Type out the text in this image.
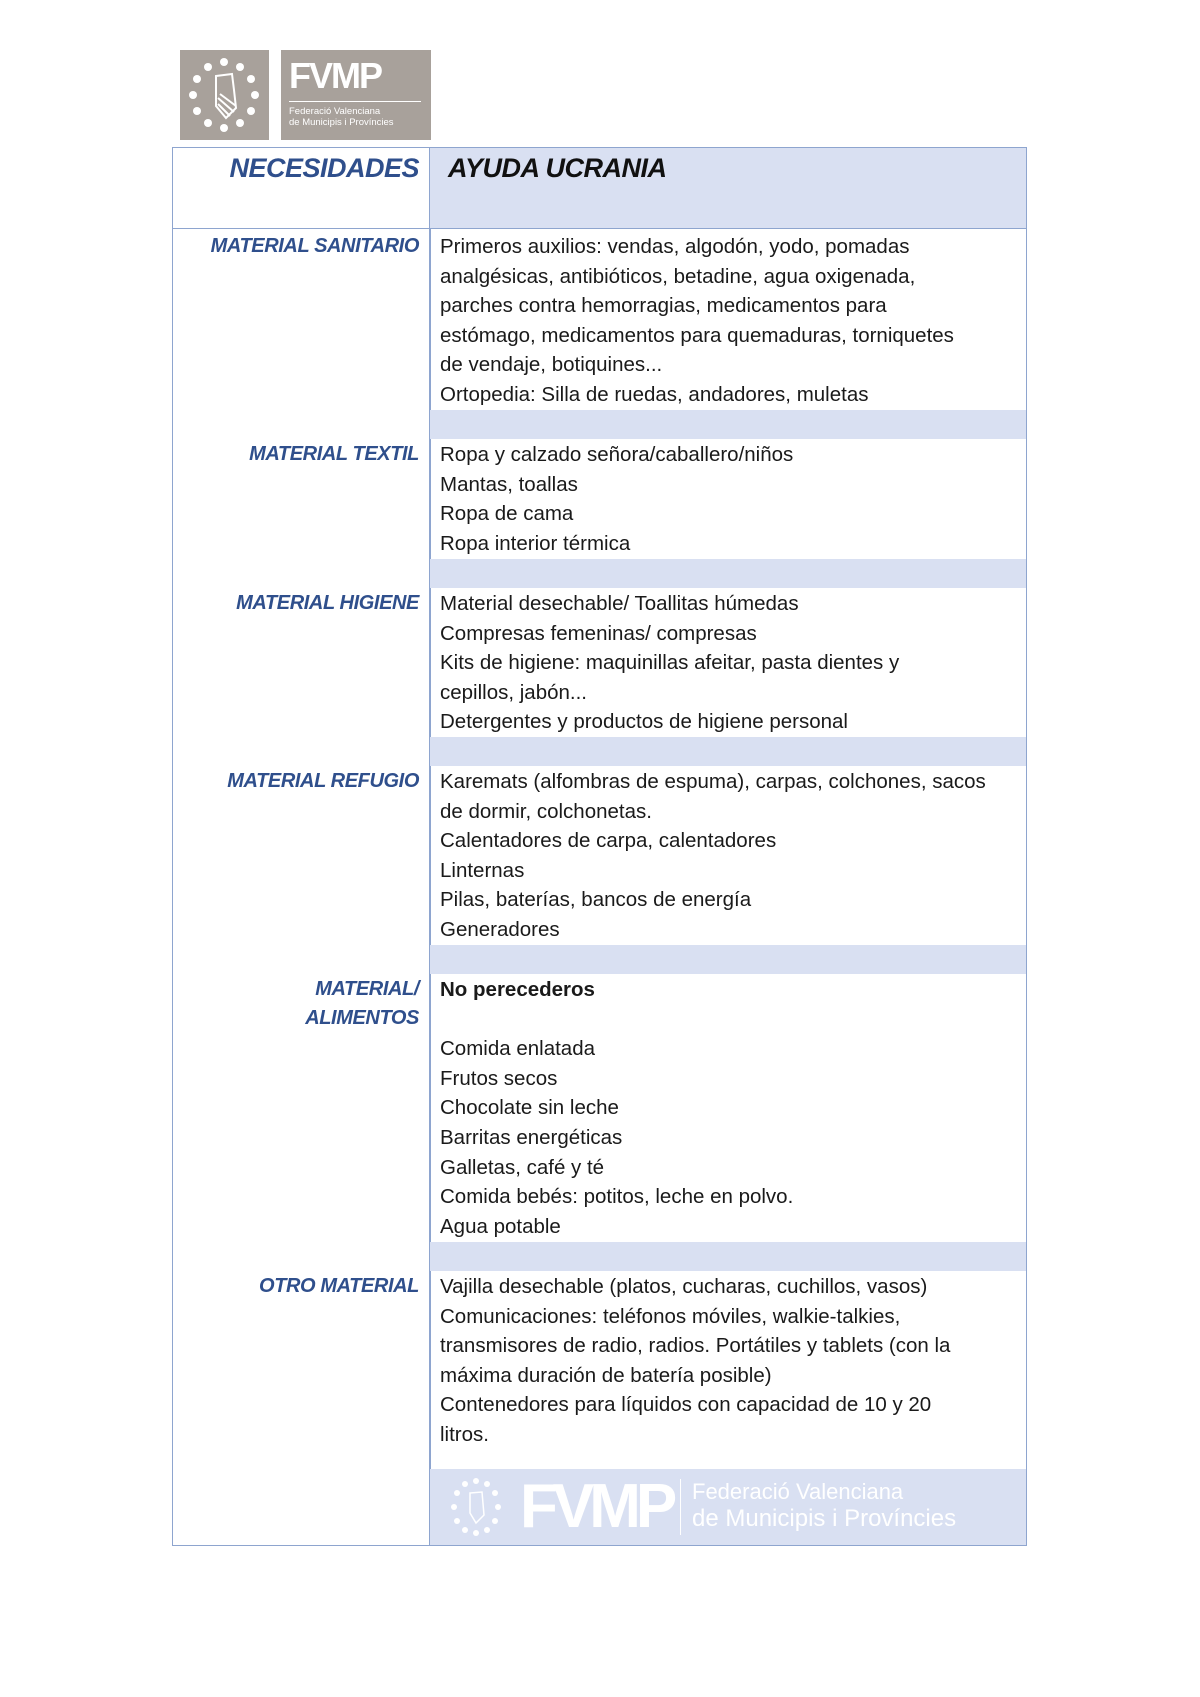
FVMP
Federació Valenciana
de Municipis i Províncies
NECESIDADES AYUDA UCRANIA
MATERIAL SANITARIO Primeros auxilios: vendas, algodón, yodo, pomadas
analgésicas, antibióticos, betadine, agua oxigenada,
parches contra hemorragias, medicamentos para
estómago, medicamentos para quemaduras, torniquetes
de vendaje, botiquines...
Ortopedia: Silla de ruedas, andadores, muletas
MATERIAL TEXTIL Ropa y calzado señora/caballero/niños
Mantas, toallas
Ropa de cama
Ropa interior térmica
MATERIAL HIGIENE Material desechable/ Toallitas húmedas
Compresas femeninas/ compresas
Kits de higiene: maquinillas afeitar, pasta dientes y
cepillos, jabón...
Detergentes y productos de higiene personal
MATERIAL REFUGIO Karemats (alfombras de espuma), carpas, colchones, sacos
de dormir, colchonetas.
Calentadores de carpa, calentadores
Linternas
Pilas, baterías, bancos de energía
Generadores
MATERIAL/
ALIMENTOS
No perecederos
Comida enlatada
Frutos secos
Chocolate sin leche
Barritas energéticas
Galletas, café y té
Comida bebés: potitos, leche en polvo.
Agua potable
OTRO MATERIAL Vajilla desechable (platos, cucharas, cuchillos, vasos)
Comunicaciones: teléfonos móviles, walkie-talkies,
transmisores de radio, radios. Portátiles y tablets (con la
máxima duración de batería posible)
Contenedores para líquidos con capacidad de 10 y 20
litros.
FVMP Federació Valenciana
de Municipis i Províncies
